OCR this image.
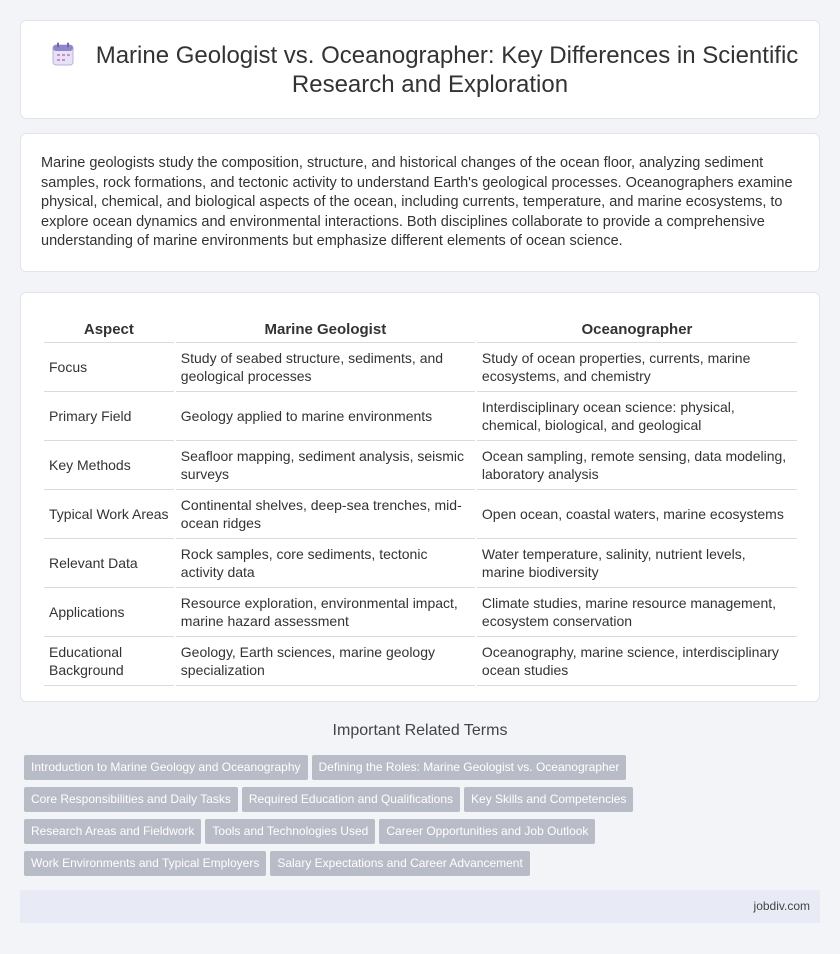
Marine Geologist vs. Oceanographer: Key Differences in Scientific Research and Exploration

Marine geologists study the composition, structure, and historical changes of the ocean floor, analyzing sediment samples, rock formations, and tectonic activity to understand Earth's geological processes. Oceanographers examine physical, chemical, and biological aspects of the ocean, including currents, temperature, and marine ecosystems, to explore ocean dynamics and environmental interactions. Both disciplines collaborate to provide a comprehensive understanding of marine environments but emphasize different elements of ocean science.

Aspect	Marine Geologist	Oceanographer
Focus	Study of seabed structure, sediments, and geological processes	Study of ocean properties, currents, marine ecosystems, and chemistry
Primary Field	Geology applied to marine environments	Interdisciplinary ocean science: physical, chemical, biological, and geological
Key Methods	Seafloor mapping, sediment analysis, seismic surveys	Ocean sampling, remote sensing, data modeling, laboratory analysis
Typical Work Areas	Continental shelves, deep-sea trenches, mid-ocean ridges	Open ocean, coastal waters, marine ecosystems
Relevant Data	Rock samples, core sediments, tectonic activity data	Water temperature, salinity, nutrient levels, marine biodiversity
Applications	Resource exploration, environmental impact, marine hazard assessment	Climate studies, marine resource management, ecosystem conservation
Educational Background	Geology, Earth sciences, marine geology specialization	Oceanography, marine science, interdisciplinary ocean studies
Important Related Terms
Introduction to Marine Geology and Oceanography Defining the Roles: Marine Geologist vs. Oceanographer
Core Responsibilities and Daily Tasks Required Education and Qualifications Key Skills and Competencies
Research Areas and Fieldwork Tools and Technologies Used Career Opportunities and Job Outlook
Work Environments and Typical Employers Salary Expectations and Career Advancement
jobdiv.com
